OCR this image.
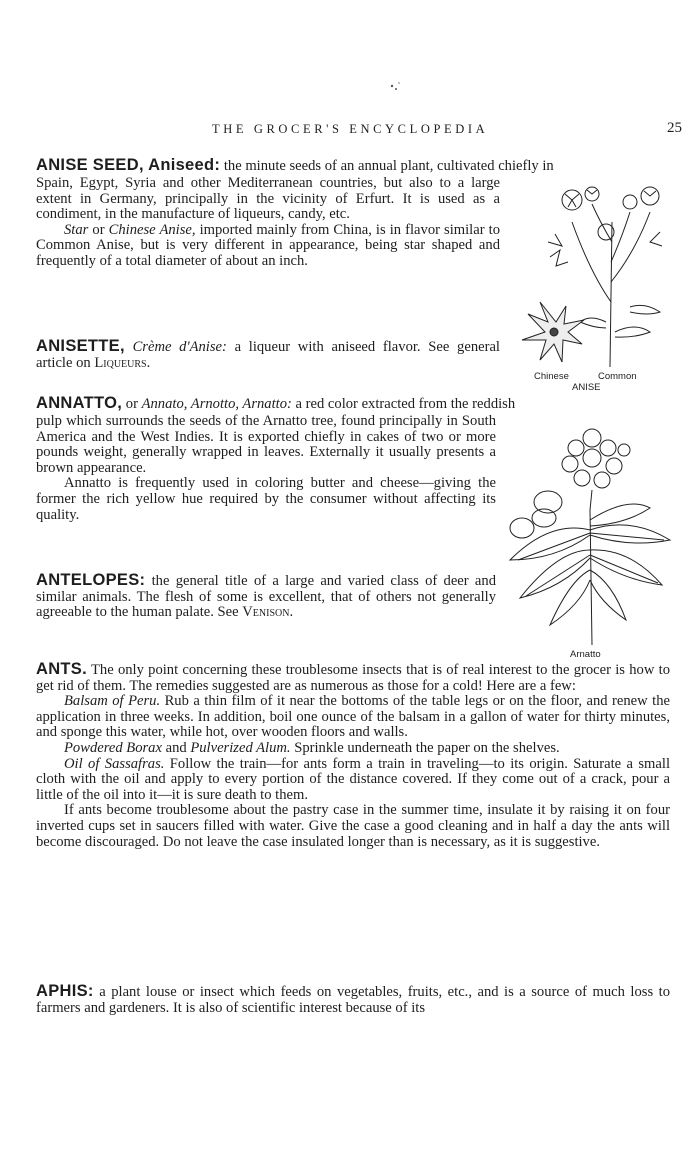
THE GROCER'S ENCYCLOPEDIA	25
ANISE SEED, Aniseed: the minute seeds of an annual plant, cultivated chiefly in

Spain, Egypt, Syria and other Mediterranean countries, but also to a large extent in Germany, principally in the vicinity of Erfurt. It is used as a condiment, in the manufacture of liqueurs, candy, etc.

Star or Chinese Anise, imported mainly from China, is in flavor similar to Common Anise, but is very different in appearance, being star shaped and frequently of a total diameter of about an inch.

Chinese	Common
ANISE

ANISETTE, Crème d'Anise: a liqueur with aniseed flavor. See general article on Liqueurs.

ANNATTO, or Annato, Arnotto, Arnatto: a red color extracted from the reddish

pulp which surrounds the seeds of the Arnatto tree, found principally in South America and the West Indies. It is exported chiefly in cakes of two or more pounds weight, generally wrapped in leaves. Externally it usually presents a brown appearance.

Annatto is frequently used in coloring butter and cheese—giving the former the rich yellow hue required by the consumer without affecting its quality.

Arnatto

ANTELOPES: the general title of a large and varied class of deer and similar animals. The flesh of some is excellent, that of others not generally agreeable to the human palate. See Venison.

ANTS. The only point concerning these troublesome insects that is of real interest to the grocer is how to get rid of them. The remedies suggested are as numerous as those for a cold! Here are a few:

Balsam of Peru. Rub a thin film of it near the bottoms of the table legs or on the floor, and renew the application in three weeks. In addition, boil one ounce of the balsam in a gallon of water for thirty minutes, and sponge this water, while hot, over wooden floors and walls.

Powdered Borax and Pulverized Alum. Sprinkle underneath the paper on the shelves.

Oil of Sassafras. Follow the train—for ants form a train in traveling—to its origin. Saturate a small cloth with the oil and apply to every portion of the distance covered. If they come out of a crack, pour a little of the oil into it—it is sure death to them.

If ants become troublesome about the pastry case in the summer time, insulate it by raising it on four inverted cups set in saucers filled with water. Give the case a good cleaning and in half a day the ants will become discouraged. Do not leave the case insulated longer than is necessary, as it is suggestive.

APHIS: a plant louse or insect which feeds on vegetables, fruits, etc., and is a source of much loss to farmers and gardeners. It is also of scientific interest because of its
